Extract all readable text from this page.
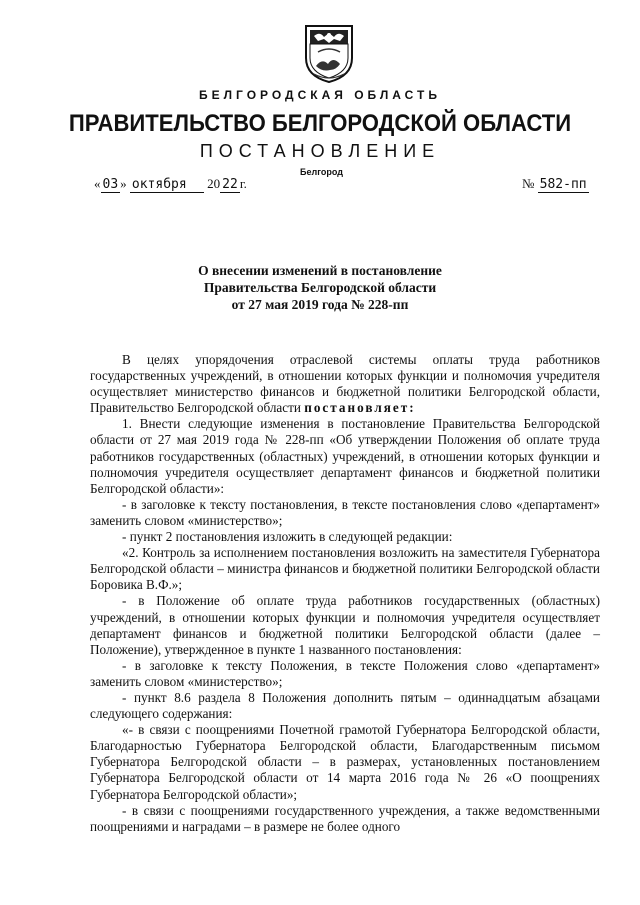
БЕЛГОРОДСКАЯ ОБЛАСТЬ
ПРАВИТЕЛЬСТВО БЕЛГОРОДСКОЙ ОБЛАСТИ
ПОСТАНОВЛЕНИЕ
Белгород
« 03 » октября 20 22 г.	№ 582-пп
О внесении изменений в постановление
Правительства Белгородской области
от 27 мая 2019 года № 228-пп

В целях упорядочения отраслевой системы оплаты труда работников государственных учреждений, в отношении которых функции и полномочия учредителя осуществляет министерство финансов и бюджетной политики Белгородской области, Правительство Белгородской области постановляет:

1. Внести следующие изменения в постановление Правительства Белгородской области от 27 мая 2019 года № 228-пп «Об утверждении Положения об оплате труда работников государственных (областных) учреждений, в отношении которых функции и полномочия учредителя осуществляет департамент финансов и бюджетной политики Белгородской области»:

- в заголовке к тексту постановления, в тексте постановления слово «департамент» заменить словом «министерство»;

- пункт 2 постановления изложить в следующей редакции:

«2. Контроль за исполнением постановления возложить на заместителя Губернатора Белгородской области – министра финансов и бюджетной политики Белгородской области Боровика В.Ф.»;

- в Положение об оплате труда работников государственных (областных) учреждений, в отношении которых функции и полномочия учредителя осуществляет департамент финансов и бюджетной политики Белгородской области (далее – Положение), утвержденное в пункте 1 названного постановления:

- в заголовке к тексту Положения, в тексте Положения слово «департамент» заменить словом «министерство»;

- пункт 8.6 раздела 8 Положения дополнить пятым – одиннадцатым абзацами следующего содержания:

«- в связи с поощрениями Почетной грамотой Губернатора Белгородской области, Благодарностью Губернатора Белгородской области, Благодарственным письмом Губернатора Белгородской области – в размерах, установленных постановлением Губернатора Белгородской области от 14 марта 2016 года № 26 «О поощрениях Губернатора Белгородской области»;

- в связи с поощрениями государственного учреждения, а также ведомственными поощрениями и наградами – в размере не более одного
